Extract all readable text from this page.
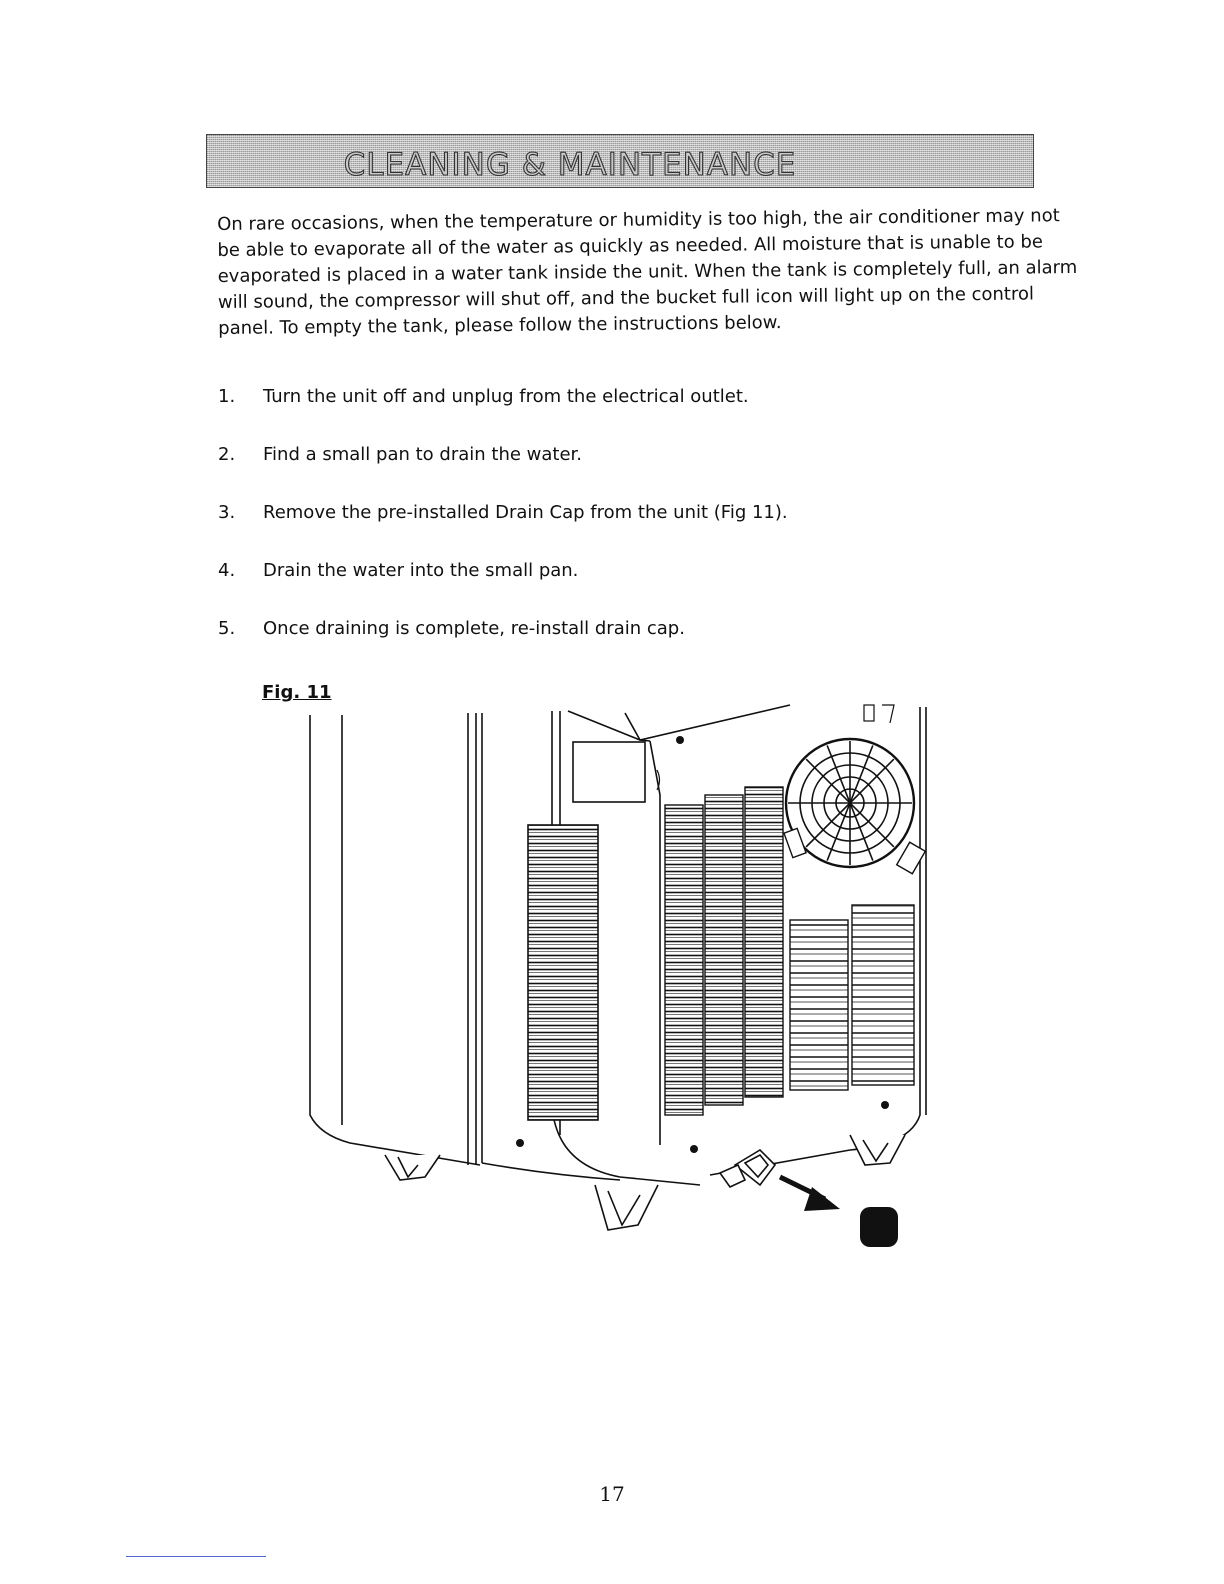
CLEANING & MAINTENANCE

On rare occasions, when the temperature or humidity is too high, the air conditioner may not be able to evaporate all of the water as quickly as needed. All moisture that is unable to be evaporated is placed in a water tank inside the unit. When the tank is completely full, an alarm will sound, the compressor will shut off, and the bucket full icon will light up on the control panel. To empty the tank, please follow the instructions below.

1.	Turn the unit off and unplug from the electrical outlet.
2.	Find a small pan to drain the water.
3.	Remove the pre-installed Drain Cap from the unit (Fig 11).
4.	Drain the water into the small pan.
5.	Once draining is complete, re-install drain cap.
Fig. 11
17
